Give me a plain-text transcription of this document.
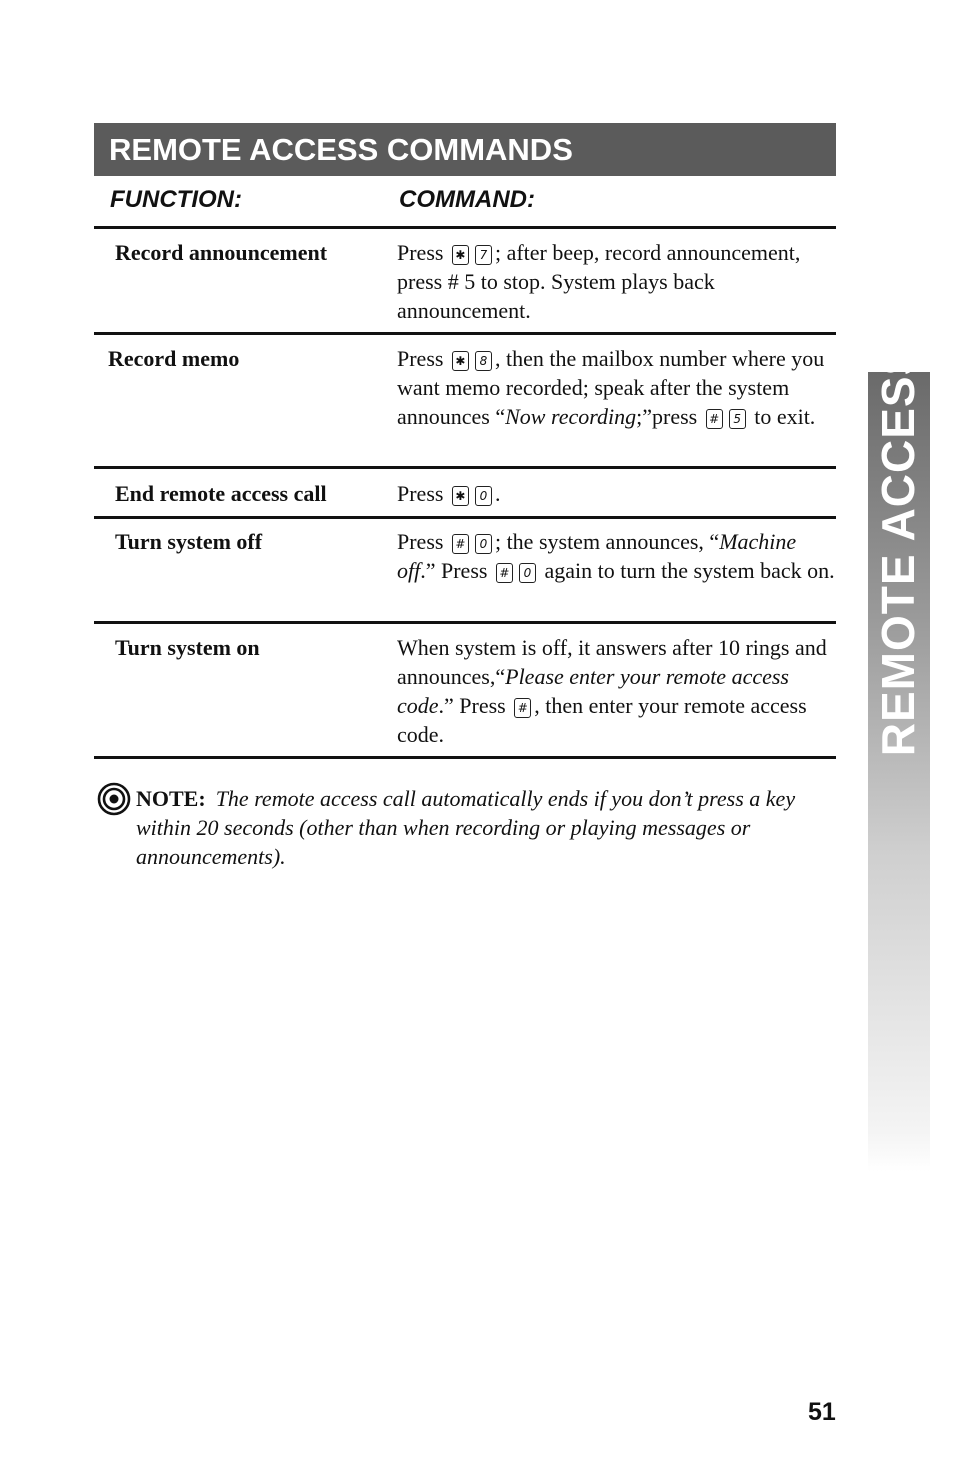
REMOTE ACCESS COMMANDS
FUNCTION:	COMMAND:
Record announcement	Press ✱ 7 ; after beep, record announcement, press # 5 to stop. System plays back announcement.
Record memo	Press ✱ 8 , then the mailbox number where you want memo recorded; speak after the system announces “Now recording;”press # 5 to exit.
End remote access call	Press ✱ 0 .
Turn system off	Press # 0 ; the system announces, “Machine off.” Press # 0 again to turn the system back on.
Turn system on	When system is off, it answers after 10 rings and announces,“Please enter your remote access code.” Press # , then enter your remote access code.
NOTE: The remote access call automatically ends if you don’t press a key within 20 seconds (other than when recording or playing messages or announcements).
REMOTE ACCESS
51
